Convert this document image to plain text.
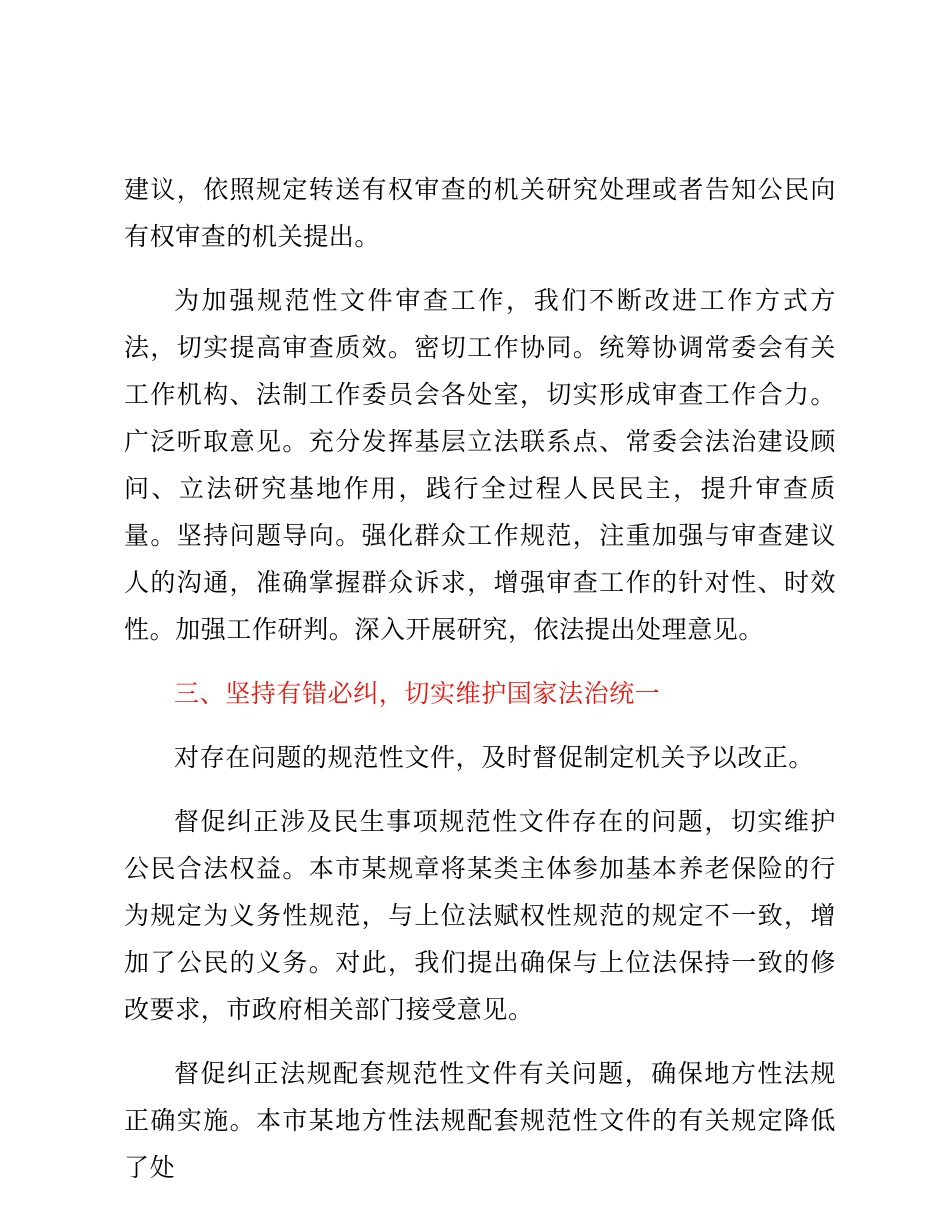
建议，依照规定转送有权审查的机关研究处理或者告知公民向有权审查的机关提出。

为加强规范性文件审查工作，我们不断改进工作方式方法，切实提高审查质效。密切工作协同。统筹协调常委会有关工作机构、法制工作委员会各处室，切实形成审查工作合力。广泛听取意见。充分发挥基层立法联系点、常委会法治建设顾问、立法研究基地作用，践行全过程人民民主，提升审查质量。坚持问题导向。强化群众工作规范，注重加强与审查建议人的沟通，准确掌握群众诉求，增强审查工作的针对性、时效性。加强工作研判。深入开展研究，依法提出处理意见。

三、坚持有错必纠，切实维护国家法治统一

对存在问题的规范性文件，及时督促制定机关予以改正。

督促纠正涉及民生事项规范性文件存在的问题，切实维护公民合法权益。本市某规章将某类主体参加基本养老保险的行为规定为义务性规范，与上位法赋权性规范的规定不一致，增加了公民的义务。对此，我们提出确保与上位法保持一致的修改要求，市政府相关部门接受意见。

督促纠正法规配套规范性文件有关问题，确保地方性法规正确实施。本市某地方性法规配套规范性文件的有关规定降低了处
